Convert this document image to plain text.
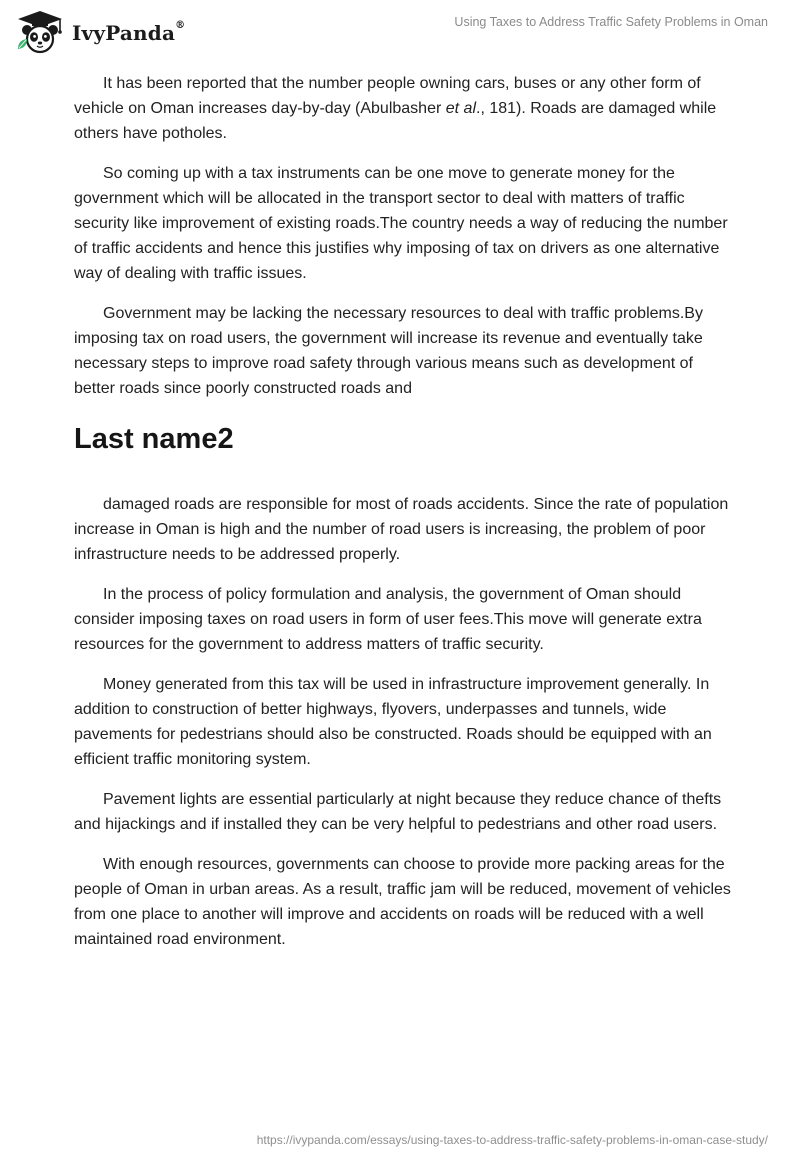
IvyPanda®	Using Taxes to Address Traffic Safety Problems in Oman

It has been reported that the number people owning cars, buses or any other form of vehicle on Oman increases day-by-day (Abulbasher et al., 181). Roads are damaged while others have potholes.

So coming up with a tax instruments can be one move to generate money for the government which will be allocated in the transport sector to deal with matters of traffic security like improvement of existing roads.The country needs a way of reducing the number of traffic accidents and hence this justifies why imposing of tax on drivers as one alternative way of dealing with traffic issues.

Government may be lacking the necessary resources to deal with traffic problems.By imposing tax on road users, the government will increase its revenue and eventually take necessary steps to improve road safety through various means such as development of better roads since poorly constructed roads and

Last name2

damaged roads are responsible for most of roads accidents. Since the rate of population increase in Oman is high and the number of road users is increasing, the problem of poor infrastructure needs to be addressed properly.

In the process of policy formulation and analysis, the government of Oman should consider imposing taxes on road users in form of user fees.This move will generate extra resources for the government to address matters of traffic security.

Money generated from this tax will be used in infrastructure improvement generally. In addition to construction of better highways, flyovers, underpasses and tunnels, wide pavements for pedestrians should also be constructed. Roads should be equipped with an efficient traffic monitoring system.

Pavement lights are essential particularly at night because they reduce chance of thefts and hijackings and if installed they can be very helpful to pedestrians and other road users.

With enough resources, governments can choose to provide more packing areas for the people of Oman in urban areas. As a result, traffic jam will be reduced, movement of vehicles from one place to another will improve and accidents on roads will be reduced with a well maintained road environment.

https://ivypanda.com/essays/using-taxes-to-address-traffic-safety-problems-in-oman-case-study/
